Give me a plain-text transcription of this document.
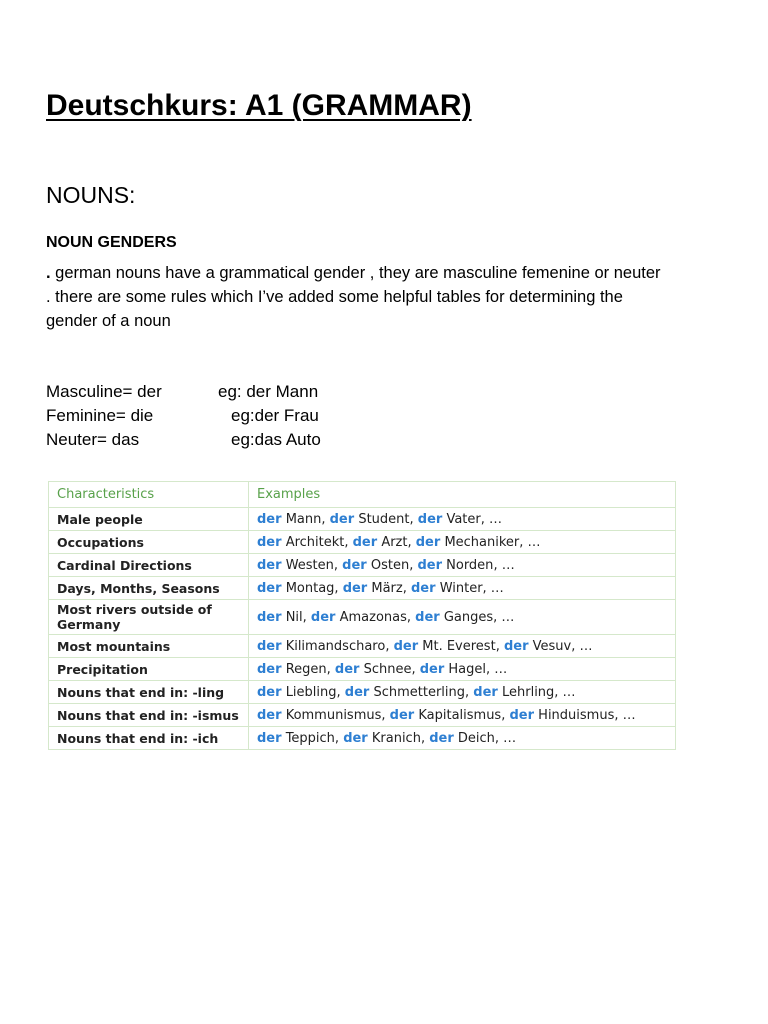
Deutschkurs: A1 (GRAMMAR)
NOUNS:
NOUN GENDERS

. german nouns have a grammatical gender , they are masculine femenine or neuter

. there are some rules which I’ve added some helpful tables for determining the gender of a noun

Masculine= der	eg: der Mann
Feminine= die	eg:der Frau
Neuter= das	eg:das Auto
Characteristics	Examples
Male people	der Mann, der Student, der Vater, …
Occupations	der Architekt, der Arzt, der Mechaniker, …
Cardinal Directions	der Westen, der Osten, der Norden, …
Days, Months, Seasons	der Montag, der März, der Winter, …
Most rivers outside of Germany	der Nil, der Amazonas, der Ganges, …
Most mountains	der Kilimandscharo, der Mt. Everest, der Vesuv, …
Precipitation	der Regen, der Schnee, der Hagel, …
Nouns that end in: -ling	der Liebling, der Schmetterling, der Lehrling, …
Nouns that end in: -ismus	der Kommunismus, der Kapitalismus, der Hinduismus, …
Nouns that end in: -ich	der Teppich, der Kranich, der Deich, …
